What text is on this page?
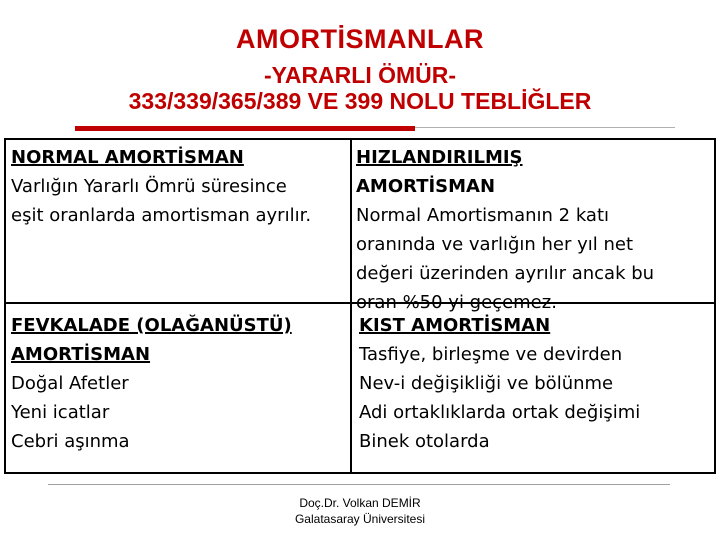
AMORTİSMANLAR
-YARARLI ÖMÜR-
333/339/365/389 VE 399 NOLU TEBLİĞLER
NORMAL AMORTİSMAN
Varlığın Yararlı Ömrü süresince
eşit oranlarda amortisman ayrılır.
HIZLANDIRILMIŞ
AMORTİSMAN
Normal Amortismanın 2 katı
oranında ve varlığın her yıl net
değeri üzerinden ayrılır ancak bu
oran %50 yi geçemez.
FEVKALADE (OLAĞANÜSTÜ)
AMORTİSMAN
Doğal Afetler
Yeni icatlar
Cebri aşınma
KIST AMORTİSMAN
Tasfiye, birleşme ve devirden
Nev-i değişikliği ve bölünme
Adi ortaklıklarda ortak değişimi
Binek otolarda
Doç.Dr. Volkan DEMİR
Galatasaray Üniversitesi
